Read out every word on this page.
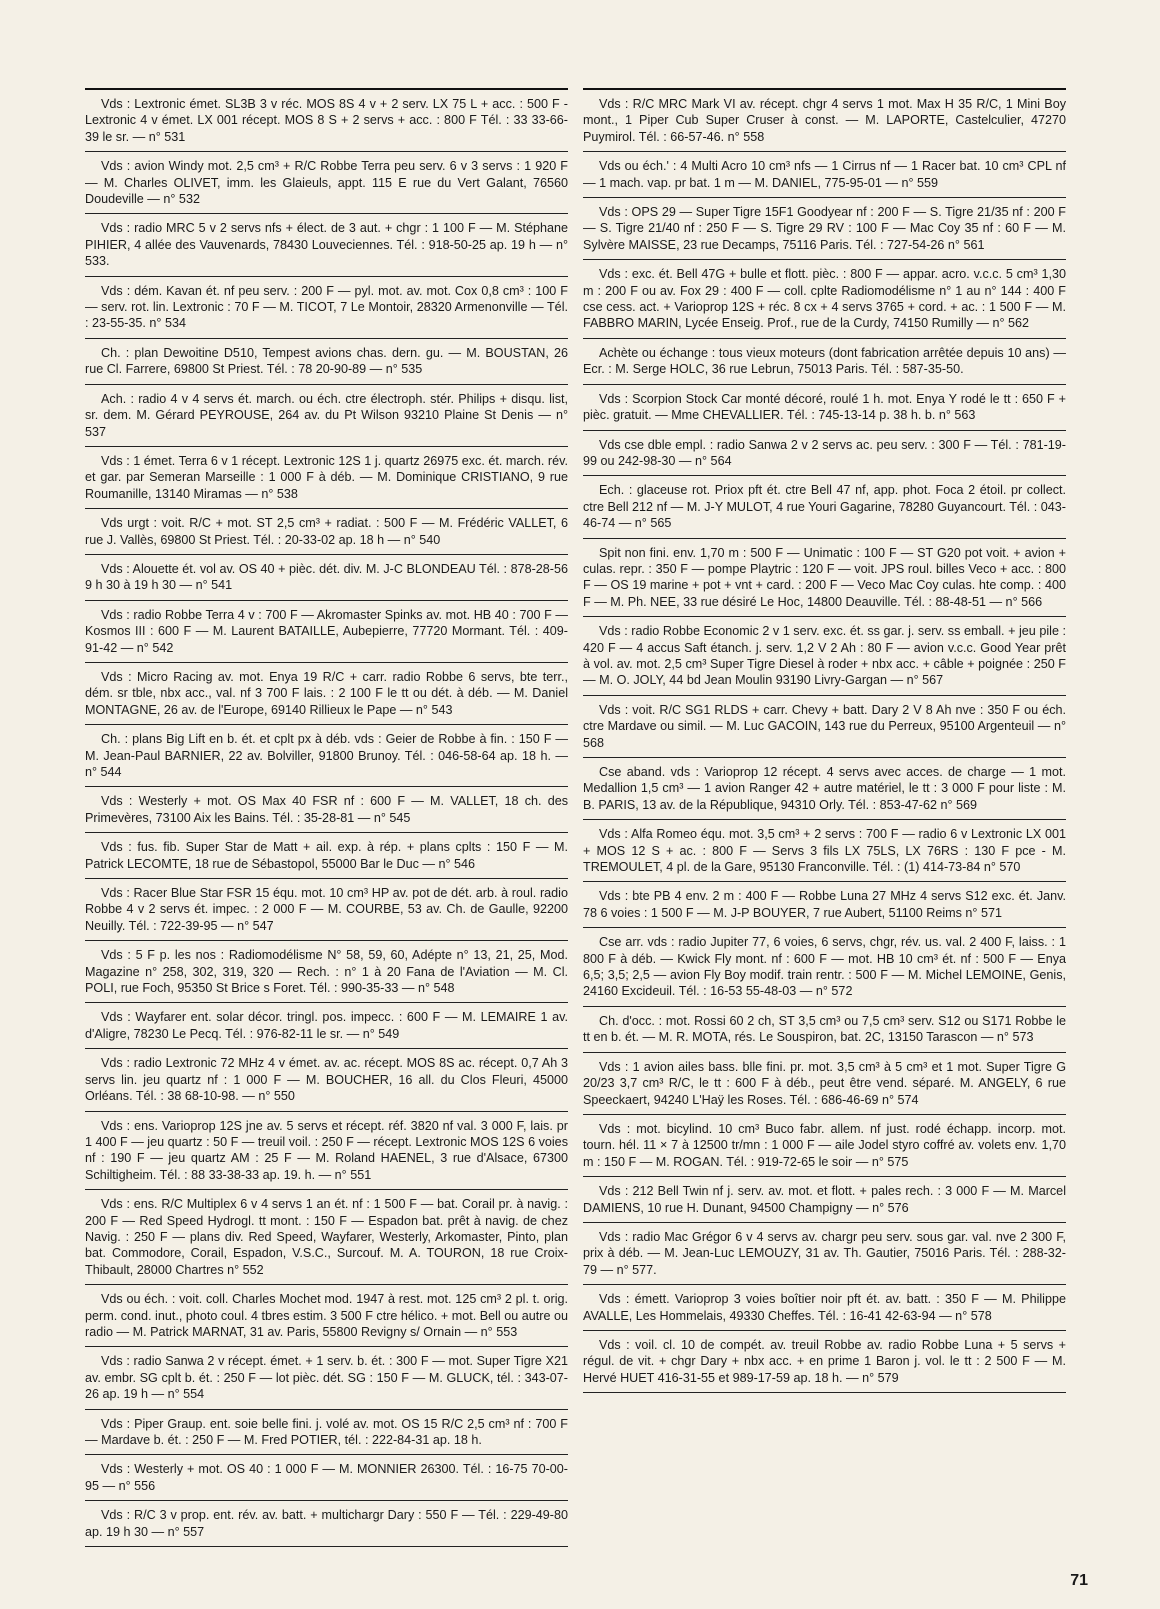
Vds : Lextronic émet. SL3B 3 v réc. MOS 8S 4 v + 2 serv. LX 75 L + acc. : 500 F - Lextronic 4 v émet. LX 001 récept. MOS 8 S + 2 servs + acc. : 800 F Tél. : 33 33-66-39 le sr. — n° 531

Vds : avion Windy mot. 2,5 cm³ + R/C Robbe Terra peu serv. 6 v 3 servs : 1 920 F — M. Charles OLIVET, imm. les Glaieuls, appt. 115 E rue du Vert Galant, 76560 Doudeville — n° 532

Vds : radio MRC 5 v 2 servs nfs + élect. de 3 aut. + chgr : 1 100 F — M. Stéphane PIHIER, 4 allée des Vauvenards, 78430 Louveciennes. Tél. : 918-50-25 ap. 19 h — n° 533.

Vds : dém. Kavan ét. nf peu serv. : 200 F — pyl. mot. av. mot. Cox 0,8 cm³ : 100 F — serv. rot. lin. Lextronic : 70 F — M. TICOT, 7 Le Montoir, 28320 Armenonville — Tél. : 23-55-35. n° 534

Ch. : plan Dewoitine D510, Tempest avions chas. dern. gu. — M. BOUSTAN, 26 rue Cl. Farrere, 69800 St Priest. Tél. : 78 20-90-89 — n° 535

Ach. : radio 4 v 4 servs ét. march. ou éch. ctre électroph. stér. Philips + disqu. list, sr. dem. M. Gérard PEYROUSE, 264 av. du Pt Wilson 93210 Plaine St Denis — n° 537

Vds : 1 émet. Terra 6 v 1 récept. Lextronic 12S 1 j. quartz 26975 exc. ét. march. rév. et gar. par Semeran Marseille : 1 000 F à déb. — M. Dominique CRISTIANO, 9 rue Roumanille, 13140 Miramas — n° 538

Vds urgt : voit. R/C + mot. ST 2,5 cm³ + radiat. : 500 F — M. Frédéric VALLET, 6 rue J. Vallès, 69800 St Priest. Tél. : 20-33-02 ap. 18 h — n° 540

Vds : Alouette ét. vol av. OS 40 + pièc. dét. div. M. J-C BLONDEAU Tél. : 878-28-56 9 h 30 à 19 h 30 — n° 541

Vds : radio Robbe Terra 4 v : 700 F — Akromaster Spinks av. mot. HB 40 : 700 F — Kosmos III : 600 F — M. Laurent BATAILLE, Aubepierre, 77720 Mormant. Tél. : 409-91-42 — n° 542

Vds : Micro Racing av. mot. Enya 19 R/C + carr. radio Robbe 6 servs, bte terr., dém. sr tble, nbx acc., val. nf 3 700 F lais. : 2 100 F le tt ou dét. à déb. — M. Daniel MONTAGNE, 26 av. de l'Europe, 69140 Rillieux le Pape — n° 543

Ch. : plans Big Lift en b. ét. et cplt px à déb. vds : Geier de Robbe à fin. : 150 F — M. Jean-Paul BARNIER, 22 av. Bolviller, 91800 Brunoy. Tél. : 046-58-64 ap. 18 h. — n° 544

Vds : Westerly + mot. OS Max 40 FSR nf : 600 F — M. VALLET, 18 ch. des Primevères, 73100 Aix les Bains. Tél. : 35-28-81 — n° 545

Vds : fus. fib. Super Star de Matt + ail. exp. à rép. + plans cplts : 150 F — M. Patrick LECOMTE, 18 rue de Sébastopol, 55000 Bar le Duc — n° 546

Vds : Racer Blue Star FSR 15 équ. mot. 10 cm³ HP av. pot de dét. arb. à roul. radio Robbe 4 v 2 servs ét. impec. : 2 000 F — M. COURBE, 53 av. Ch. de Gaulle, 92200 Neuilly. Tél. : 722-39-95 — n° 547

Vds : 5 F p. les nos : Radiomodélisme N° 58, 59, 60, Adépte n° 13, 21, 25, Mod. Magazine n° 258, 302, 319, 320 — Rech. : n° 1 à 20 Fana de l'Aviation — M. Cl. POLI, rue Foch, 95350 St Brice s Foret. Tél. : 990-35-33 — n° 548

Vds : Wayfarer ent. solar décor. tringl. pos. impecc. : 600 F — M. LEMAIRE 1 av. d'Aligre, 78230 Le Pecq. Tél. : 976-82-11 le sr. — n° 549

Vds : radio Lextronic 72 MHz 4 v émet. av. ac. récept. MOS 8S ac. récept. 0,7 Ah 3 servs lin. jeu quartz nf : 1 000 F — M. BOUCHER, 16 all. du Clos Fleuri, 45000 Orléans. Tél. : 38 68-10-98. — n° 550

Vds : ens. Varioprop 12S jne av. 5 servs et récept. réf. 3820 nf val. 3 000 F, lais. pr 1 400 F — jeu quartz : 50 F — treuil voil. : 250 F — récept. Lextronic MOS 12S 6 voies nf : 190 F — jeu quartz AM : 25 F — M. Roland HAENEL, 3 rue d'Alsace, 67300 Schiltigheim. Tél. : 88 33-38-33 ap. 19. h. — n° 551

Vds : ens. R/C Multiplex 6 v 4 servs 1 an ét. nf : 1 500 F — bat. Corail pr. à navig. : 200 F — Red Speed Hydrogl. tt mont. : 150 F — Espadon bat. prêt à navig. de chez Navig. : 250 F — plans div. Red Speed, Wayfarer, Westerly, Arkomaster, Pinto, plan bat. Commodore, Corail, Espadon, V.S.C., Surcouf. M. A. TOURON, 18 rue Croix-Thibault, 28000 Chartres n° 552

Vds ou éch. : voit. coll. Charles Mochet mod. 1947 à rest. mot. 125 cm³ 2 pl. t. orig. perm. cond. inut., photo coul. 4 tbres estim. 3 500 F ctre hélico. + mot. Bell ou autre ou radio — M. Patrick MARNAT, 31 av. Paris, 55800 Revigny s/ Ornain — n° 553

Vds : radio Sanwa 2 v récept. émet. + 1 serv. b. ét. : 300 F — mot. Super Tigre X21 av. embr. SG cplt b. ét. : 250 F — lot pièc. dét. SG : 150 F — M. GLUCK, tél. : 343-07-26 ap. 19 h — n° 554

Vds : Piper Graup. ent. soie belle fini. j. volé av. mot. OS 15 R/C 2,5 cm³ nf : 700 F — Mardave b. ét. : 250 F — M. Fred POTIER, tél. : 222-84-31 ap. 18 h.

Vds : Westerly + mot. OS 40 : 1 000 F — M. MONNIER 26300. Tél. : 16-75 70-00-95 — n° 556

Vds : R/C 3 v prop. ent. rév. av. batt. + multichargr Dary : 550 F — Tél. : 229-49-80 ap. 19 h 30 — n° 557

Vds : R/C MRC Mark VI av. récept. chgr 4 servs 1 mot. Max H 35 R/C, 1 Mini Boy mont., 1 Piper Cub Super Cruser à const. — M. LAPORTE, Castelculier, 47270 Puymirol. Tél. : 66-57-46. n° 558

Vds ou éch.' : 4 Multi Acro 10 cm³ nfs — 1 Cirrus nf — 1 Racer bat. 10 cm³ CPL nf — 1 mach. vap. pr bat. 1 m — M. DANIEL, 775-95-01 — n° 559

Vds : OPS 29 — Super Tigre 15F1 Goodyear nf : 200 F — S. Tigre 21/35 nf : 200 F — S. Tigre 21/40 nf : 250 F — S. Tigre 29 RV : 100 F — Mac Coy 35 nf : 60 F — M. Sylvère MAISSE, 23 rue Decamps, 75116 Paris. Tél. : 727-54-26 n° 561

Vds : exc. ét. Bell 47G + bulle et flott. pièc. : 800 F — appar. acro. v.c.c. 5 cm³ 1,30 m : 200 F ou av. Fox 29 : 400 F — coll. cplte Radiomodélisme n° 1 au n° 144 : 400 F cse cess. act. + Varioprop 12S + réc. 8 cx + 4 servs 3765 + cord. + ac. : 1 500 F — M. FABBRO MARIN, Lycée Enseig. Prof., rue de la Curdy, 74150 Rumilly — n° 562

Achète ou échange : tous vieux moteurs (dont fabrication arrêtée depuis 10 ans) — Ecr. : M. Serge HOLC, 36 rue Lebrun, 75013 Paris. Tél. : 587-35-50.

Vds : Scorpion Stock Car monté décoré, roulé 1 h. mot. Enya Y rodé le tt : 650 F + pièc. gratuit. — Mme CHEVALLIER. Tél. : 745-13-14 p. 38 h. b. n° 563

Vds cse dble empl. : radio Sanwa 2 v 2 servs ac. peu serv. : 300 F — Tél. : 781-19-99 ou 242-98-30 — n° 564

Ech. : glaceuse rot. Priox pft ét. ctre Bell 47 nf, app. phot. Foca 2 étoil. pr collect. ctre Bell 212 nf — M. J-Y MULOT, 4 rue Youri Gagarine, 78280 Guyancourt. Tél. : 043-46-74 — n° 565

Spit non fini. env. 1,70 m : 500 F — Unimatic : 100 F — ST G20 pot voit. + avion + culas. repr. : 350 F — pompe Playtric : 120 F — voit. JPS roul. billes Veco + acc. : 800 F — OS 19 marine + pot + vnt + card. : 200 F — Veco Mac Coy culas. hte comp. : 400 F — M. Ph. NEE, 33 rue désiré Le Hoc, 14800 Deauville. Tél. : 88-48-51 — n° 566

Vds : radio Robbe Economic 2 v 1 serv. exc. ét. ss gar. j. serv. ss emball. + jeu pile : 420 F — 4 accus Saft étanch. j. serv. 1,2 V 2 Ah : 80 F — avion v.c.c. Good Year prêt à vol. av. mot. 2,5 cm³ Super Tigre Diesel à roder + nbx acc. + câble + poignée : 250 F — M. O. JOLY, 44 bd Jean Moulin 93190 Livry-Gargan — n° 567

Vds : voit. R/C SG1 RLDS + carr. Chevy + batt. Dary 2 V 8 Ah nve : 350 F ou éch. ctre Mardave ou simil. — M. Luc GACOIN, 143 rue du Perreux, 95100 Argenteuil — n° 568

Cse aband. vds : Varioprop 12 récept. 4 servs avec acces. de charge — 1 mot. Medallion 1,5 cm³ — 1 avion Ranger 42 + autre matériel, le tt : 3 000 F pour liste : M. B. PARIS, 13 av. de la République, 94310 Orly. Tél. : 853-47-62 n° 569

Vds : Alfa Romeo équ. mot. 3,5 cm³ + 2 servs : 700 F — radio 6 v Lextronic LX 001 + MOS 12 S + ac. : 800 F — Servs 3 fils LX 75LS, LX 76RS : 130 F pce - M. TREMOULET, 4 pl. de la Gare, 95130 Franconville. Tél. : (1) 414-73-84 n° 570

Vds : bte PB 4 env. 2 m : 400 F — Robbe Luna 27 MHz 4 servs S12 exc. ét. Janv. 78 6 voies : 1 500 F — M. J-P BOUYER, 7 rue Aubert, 51100 Reims n° 571

Cse arr. vds : radio Jupiter 77, 6 voies, 6 servs, chgr, rév. us. val. 2 400 F, laiss. : 1 800 F à déb. — Kwick Fly mont. nf : 600 F — mot. HB 10 cm³ ét. nf : 500 F — Enya 6,5; 3,5; 2,5 — avion Fly Boy modif. train rentr. : 500 F — M. Michel LEMOINE, Genis, 24160 Excideuil. Tél. : 16-53 55-48-03 — n° 572

Ch. d'occ. : mot. Rossi 60 2 ch, ST 3,5 cm³ ou 7,5 cm³ serv. S12 ou S171 Robbe le tt en b. ét. — M. R. MOTA, rés. Le Souspiron, bat. 2C, 13150 Tarascon — n° 573

Vds : 1 avion ailes bass. blle fini. pr. mot. 3,5 cm³ à 5 cm³ et 1 mot. Super Tigre G 20/23 3,7 cm³ R/C, le tt : 600 F à déb., peut être vend. séparé. M. ANGELY, 6 rue Speeckaert, 94240 L'Haÿ les Roses. Tél. : 686-46-69 n° 574

Vds : mot. bicylind. 10 cm³ Buco fabr. allem. nf just. rodé échapp. incorp. mot. tourn. hél. 11 × 7 à 12500 tr/mn : 1 000 F — aile Jodel styro coffré av. volets env. 1,70 m : 150 F — M. ROGAN. Tél. : 919-72-65 le soir — n° 575

Vds : 212 Bell Twin nf j. serv. av. mot. et flott. + pales rech. : 3 000 F — M. Marcel DAMIENS, 10 rue H. Dunant, 94500 Champigny — n° 576

Vds : radio Mac Grégor 6 v 4 servs av. chargr peu serv. sous gar. val. nve 2 300 F, prix à déb. — M. Jean-Luc LEMOUZY, 31 av. Th. Gautier, 75016 Paris. Tél. : 288-32-79 — n° 577.

Vds : émett. Varioprop 3 voies boîtier noir pft ét. av. batt. : 350 F — M. Philippe AVALLE, Les Hommelais, 49330 Cheffes. Tél. : 16-41 42-63-94 — n° 578

Vds : voil. cl. 10 de compét. av. treuil Robbe av. radio Robbe Luna + 5 servs + régul. de vit. + chgr Dary + nbx acc. + en prime 1 Baron j. vol. le tt : 2 500 F — M. Hervé HUET 416-31-55 et 989-17-59 ap. 18 h. — n° 579

71
